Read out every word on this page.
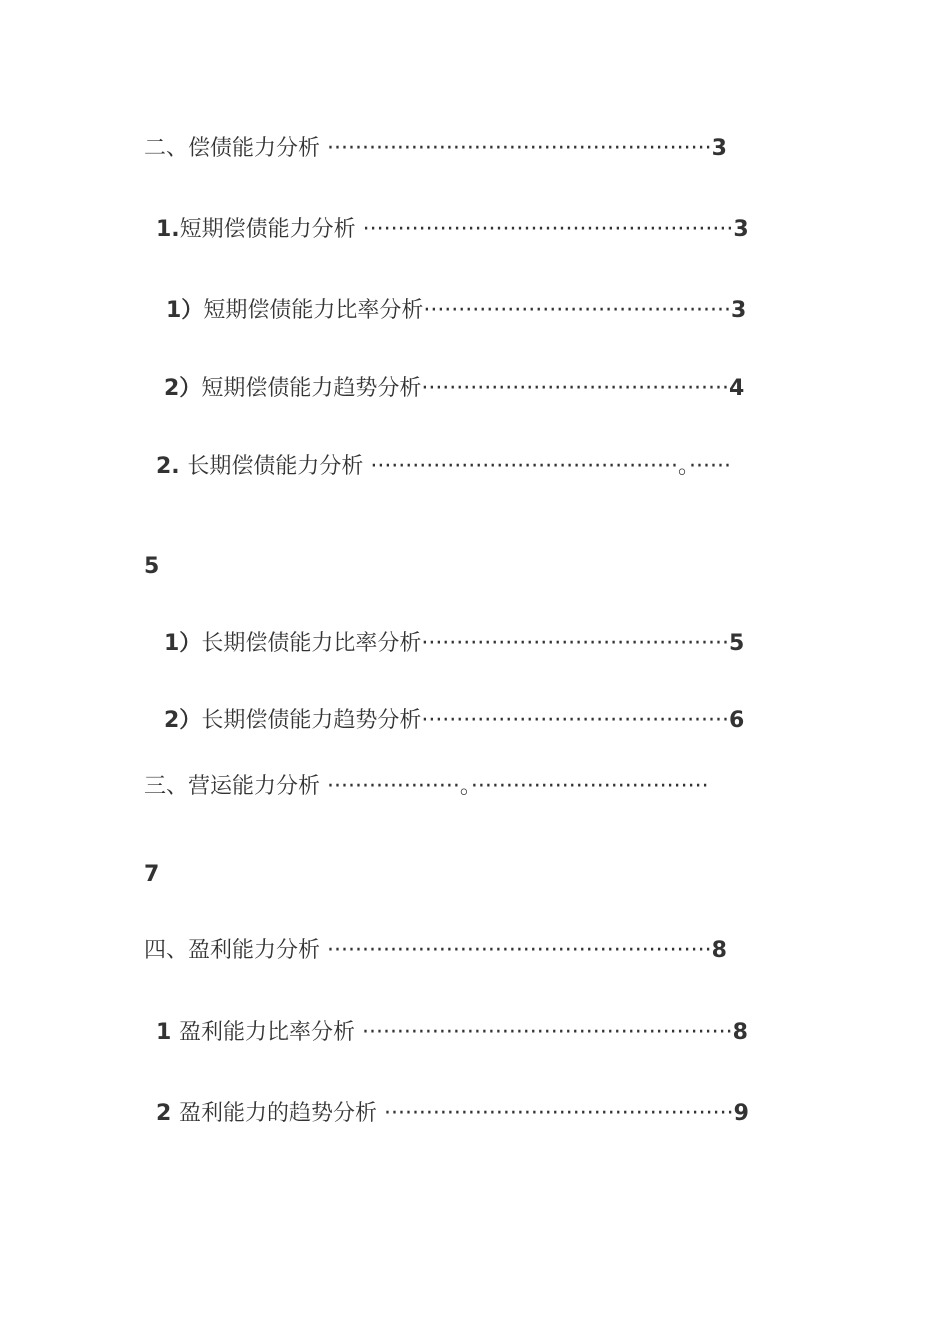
二、偿债能力分析 ·······················································3
1.短期偿债能力分析 ·····················································3
1）短期偿债能力比率分析············································3
2）短期偿债能力趋势分析············································4
2. 长期偿债能力分析 ············································。······
5
1）长期偿债能力比率分析············································5
2）长期偿债能力趋势分析············································6
三、营运能力分析 ···················。··································
7
四、盈利能力分析 ·······················································8
1 盈利能力比率分析 ·····················································8
2 盈利能力的趋势分析 ··················································9
